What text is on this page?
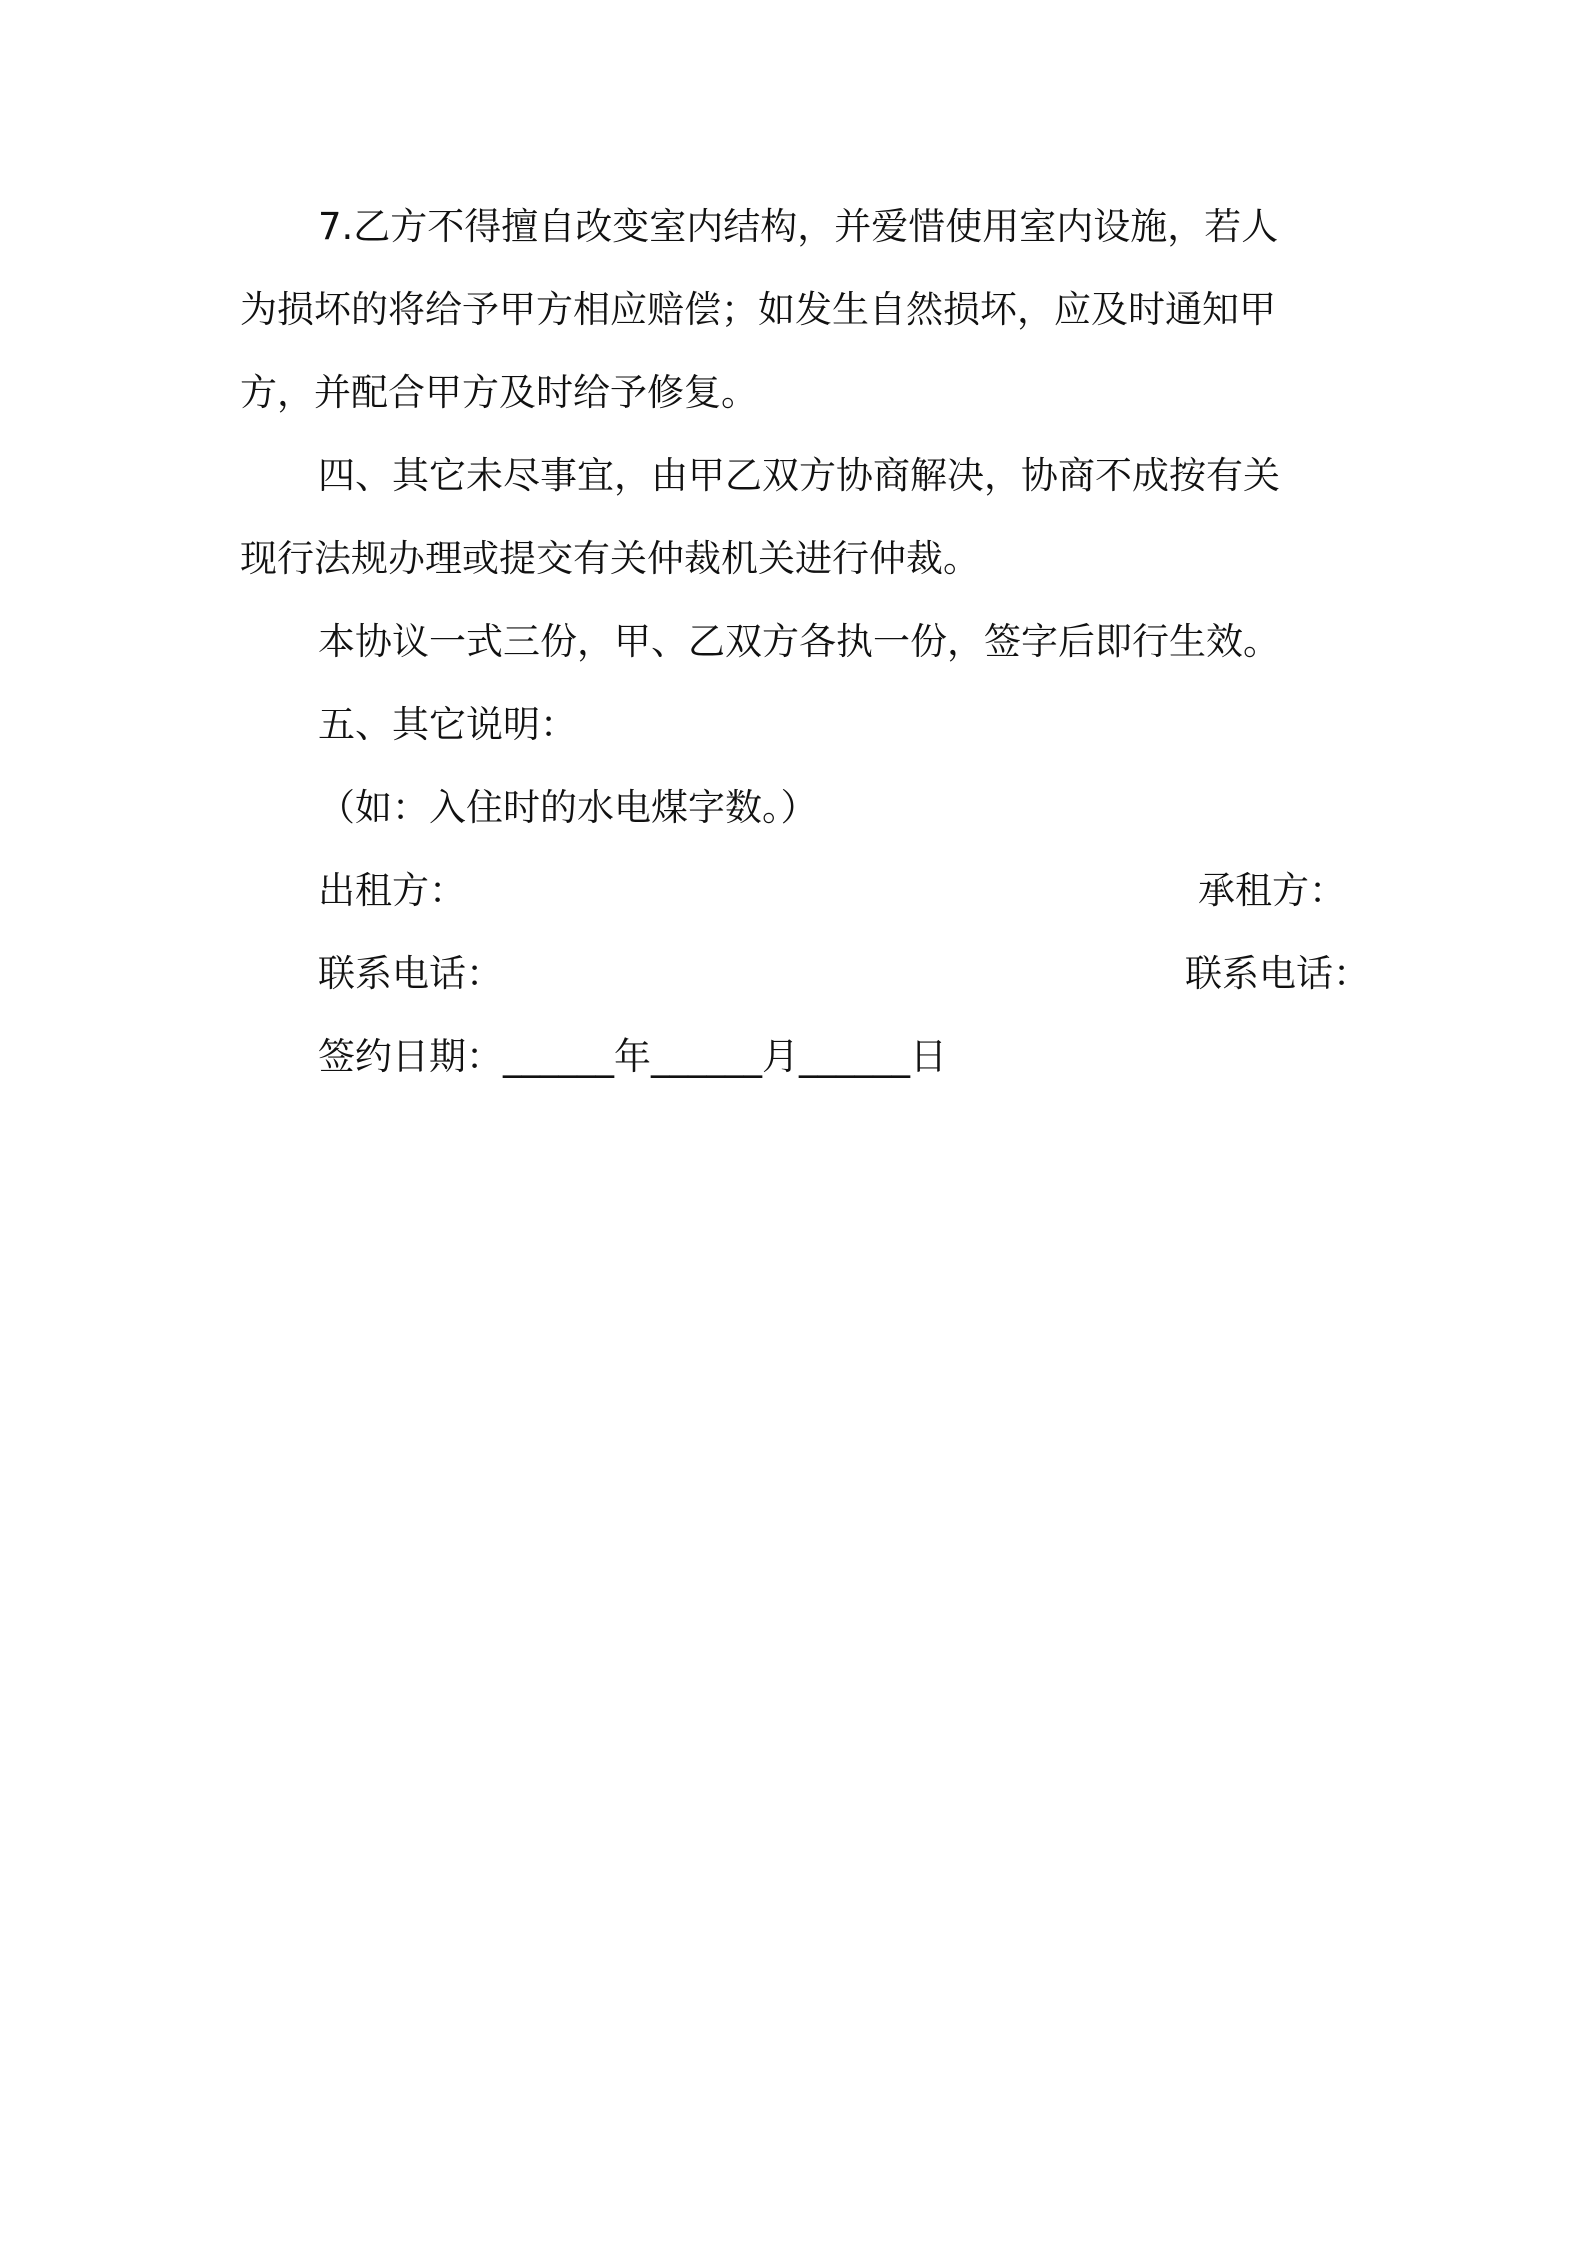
7.乙方不得擅自改变室内结构，并爱惜使用室内设施，若人
为损坏的将给予甲方相应赔偿；如发生自然损坏，应及时通知甲
方，并配合甲方及时给予修复。
四、其它未尽事宜，由甲乙双方协商解决，协商不成按有关
现行法规办理或提交有关仲裁机关进行仲裁。
本协议一式三份，甲、乙双方各执一份，签字后即行生效。
五、其它说明：
（如：入住时的水电煤字数。）
出租方：	承租方：
联系电话：	联系电话：
签约日期：______年______月______日
